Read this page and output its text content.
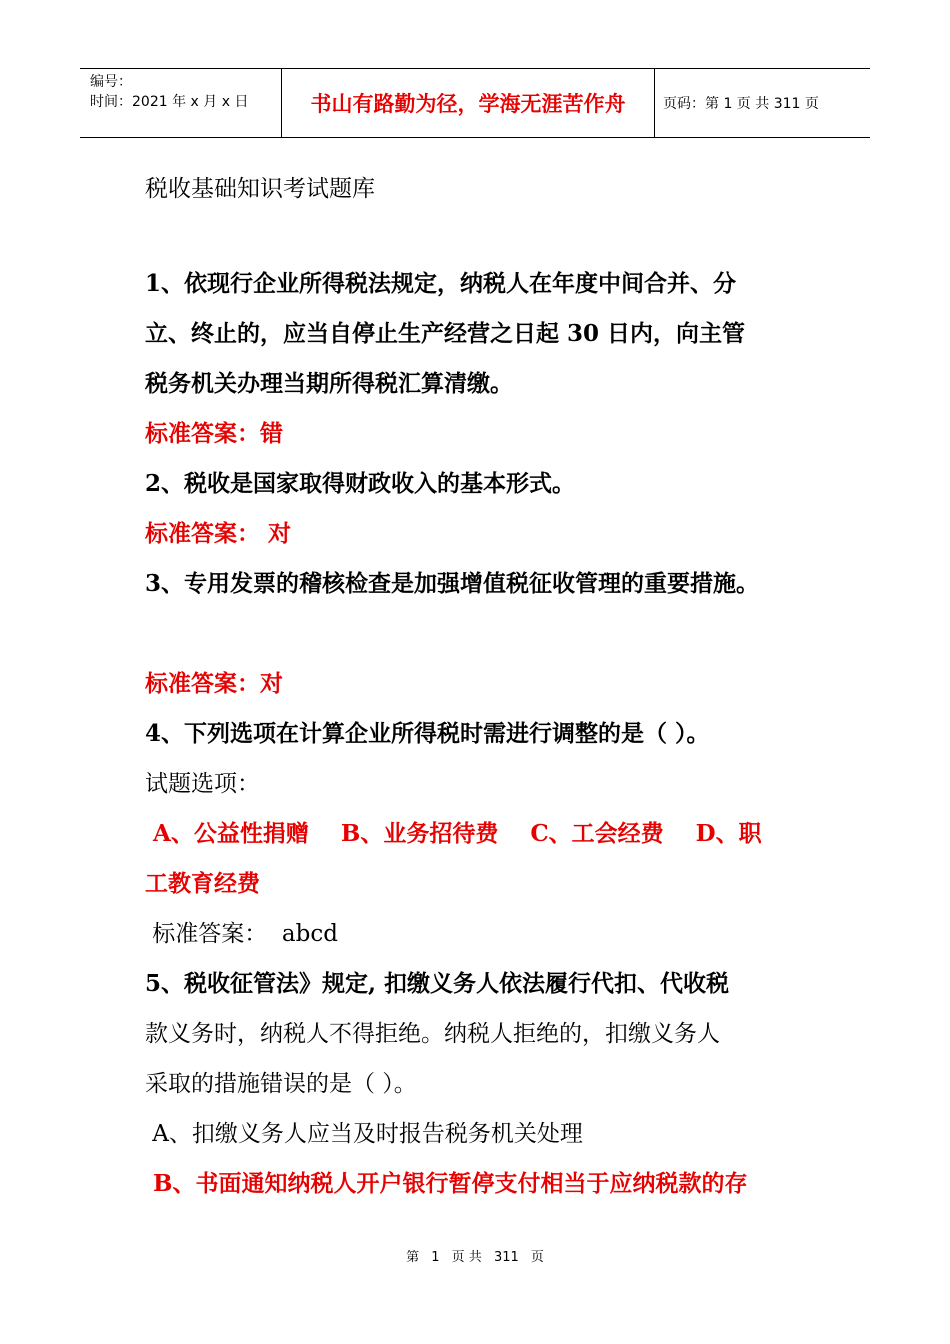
编号：
时间：2021 年 x 月 x 日	书山有路勤为径，学海无涯苦作舟	页码：第 1 页 共 311 页
税收基础知识考试题库
1、依现行企业所得税法规定，纳税人在年度中间合并、分
立、终止的，应当自停止生产经营之日起 30 日内，向主管
税务机关办理当期所得税汇算清缴。
标准答案：错
2、税收是国家取得财政收入的基本形式。
标准答案： 对
3、专用发票的稽核检查是加强增值税征收管理的重要措施。
标准答案：对
4、下列选项在计算企业所得税时需进行调整的是（ ）。
试题选项：
A、公益性捐赠    B、业务招待费    C、工会经费    D、职
工教育经费
标准答案：  abcd
5、税收征管法》规定, 扣缴义务人依法履行代扣、代收税
款义务时，纳税人不得拒绝。纳税人拒绝的，扣缴义务人
采取的措施错误的是（ ）。
A、扣缴义务人应当及时报告税务机关处理
B、书面通知纳税人开户银行暂停支付相当于应纳税款的存
第 1 页 共 311 页
